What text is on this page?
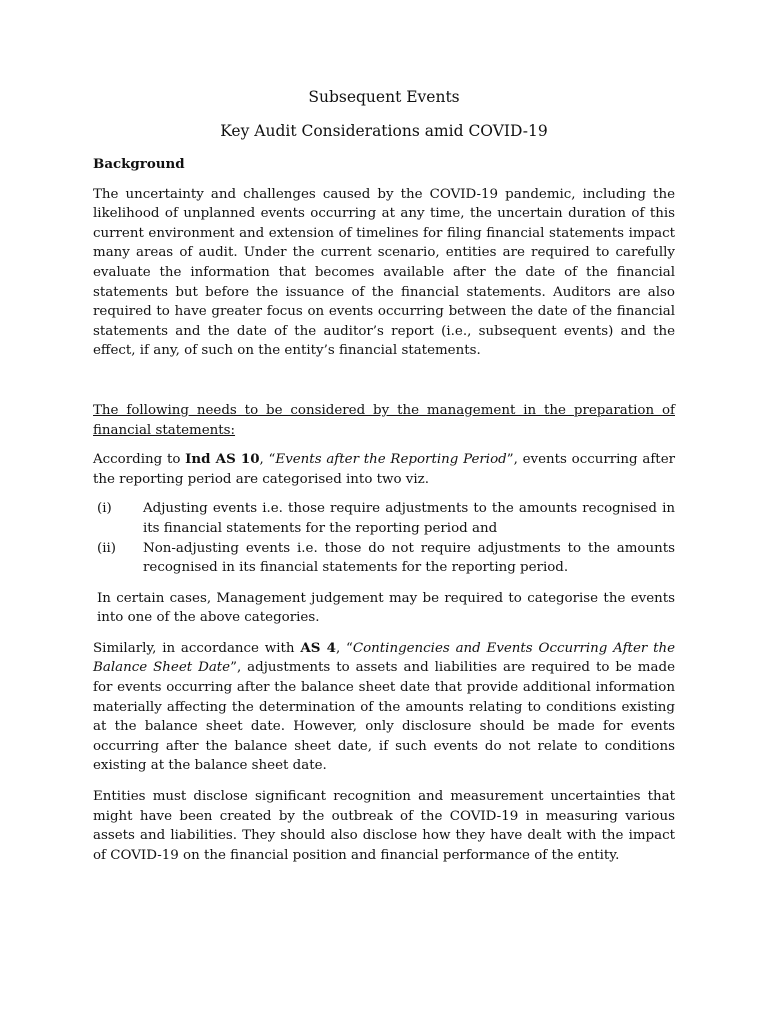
Subsequent Events
Key Audit Considerations amid COVID-19
Background

The uncertainty and challenges caused by the COVID-19 pandemic, including the likelihood of unplanned events occurring at any time, the uncertain duration of this current environment and extension of timelines for filing financial statements impact many areas of audit. Under the current scenario, entities are required to carefully evaluate the information that becomes available after the date of the financial statements but before the issuance of the financial statements. Auditors are also required to have greater focus on events occurring between the date of the financial statements and the date of the auditor’s report (i.e., subsequent events) and the effect, if any, of such on the entity’s financial statements.

The following needs to be considered by the management in the preparation of financial statements:

According to Ind AS 10, “Events after the Reporting Period”, events occurring after the reporting period are categorised into two viz.

(i)	Adjusting events i.e. those require adjustments to the amounts recognised in its financial statements for the reporting period and
(ii)	Non-adjusting events i.e. those do not require adjustments to the amounts recognised in its financial statements for the reporting period.

In certain cases, Management judgement may be required to categorise the events into one of the above categories.

Similarly, in accordance with AS 4, “Contingencies and Events Occurring After the Balance Sheet Date”, adjustments to assets and liabilities are required to be made for events occurring after the balance sheet date that provide additional information materially affecting the determination of the amounts relating to conditions existing at the balance sheet date. However, only disclosure should be made for events occurring after the balance sheet date, if such events do not relate to conditions existing at the balance sheet date.

Entities must disclose significant recognition and measurement uncertainties that might have been created by the outbreak of the COVID-19 in measuring various assets and liabilities. They should also disclose how they have dealt with the impact of COVID-19 on the financial position and financial performance of the entity.
